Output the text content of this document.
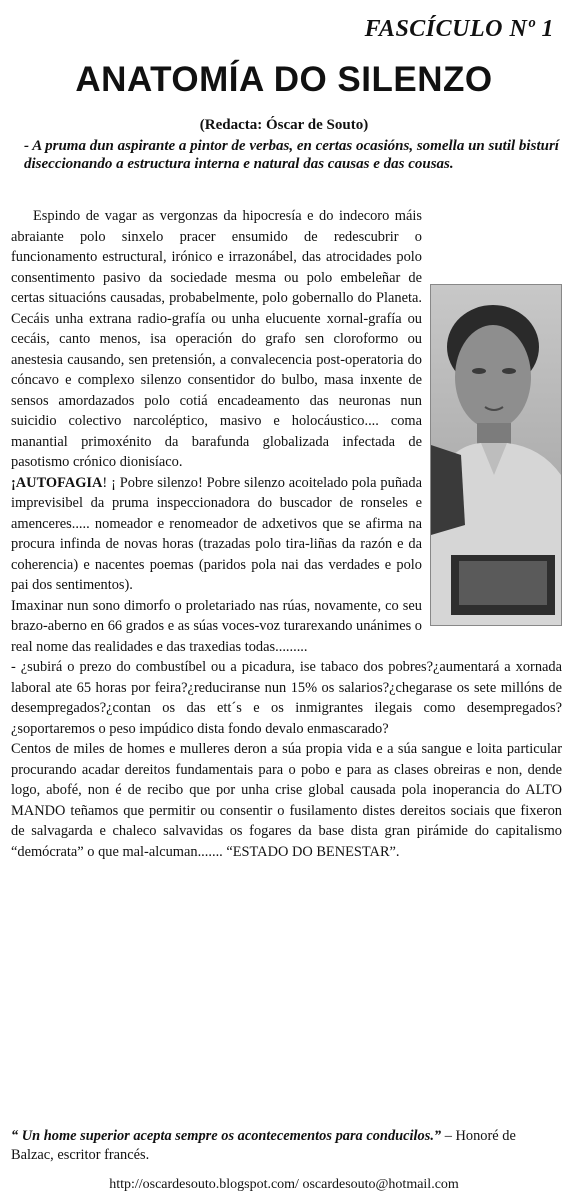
FASCÍCULO Nº 1
ANATOMÍA DO SILENZO
(Redacta: Óscar de Souto)

- A pruma dun aspirante a pintor de verbas, en certas ocasións, somella un sutil bisturí diseccionando a estructura interna e natural das causas e das cousas.

Espindo de vagar as vergonzas da hipocresía e do indecoro máis abraiante polo sinxelo pracer ensumido de redescubrir o funcionamento estructural, irónico e irrazonábel, das atrocidades polo consentimento pasivo da sociedade mesma ou polo embeleñar de certas situacións causadas, probabelmente, polo gobernallo do Planeta. Cecáis unha extrana radio-grafía ou unha elucuente xornal-grafía ou cecáis, canto menos, isa operación do grafo sen cloroformo ou anestesia causando, sen pretensión, a convalecencia post-operatoria do cóncavo e complexo silenzo consentidor do bulbo, masa inxente de sensos amordazados polo cotiá encadeamento das neuronas nun suicidio colectivo narcoléptico, masivo e holocáustico.... coma manantial primoxénito da barafunda globalizada infectada de pasotismo crónico dionisíaco.

¡AUTOFAGIA! ¡ Pobre silenzo! Pobre silenzo acoitelado pola puñada imprevisibel da pruma inspeccionadora do buscador de ronseles e amenceres..... nomeador e renomeador de adxetivos que se afirma na procura infinda de novas horas (trazadas polo tira-liñas da razón e da coherencia) e nacentes poemas (paridos pola nai das verdades e polo pai dos sentimentos).

Imaxinar nun sono dimorfo o proletariado nas rúas, novamente, co seu brazo-aberno en 66 grados e as súas voces-voz turarexando unánimes o real nome das realidades e das traxedias todas.........

- ¿subirá o prezo do combustíbel ou a picadura, ise tabaco dos pobres?¿aumentará a xornada laboral ate 65 horas por feira?¿reduciranse nun 15% os salarios?¿chegarase os sete millóns de desempregados?¿contan os das ett´s e os inmigrantes ilegais como desempregados?¿soportaremos o peso impúdico dista fondo devalo enmascarado?

Centos de miles de homes e mulleres deron a súa propia vida e a súa sangue e loita particular procurando acadar dereitos fundamentais para o pobo e para as clases obreiras e non, dende logo, abofé, non é de recibo que por unha crise global causada pola inoperancia do ALTO MANDO teñamos que permitir ou consentir o fusilamento distes dereitos sociais que fixeron de salvagarda e chaleco salvavidas os fogares da base dista gran pirámide do capitalismo “demócrata” o que mal-alcuman....... “ESTADO DO BENESTAR”.

“ Un home superior acepta sempre os acontecementos para conducilos.” – Honoré de Balzac, escritor francés.

http://oscardesouto.blogspot.com/ oscardesouto@hotmail.com
